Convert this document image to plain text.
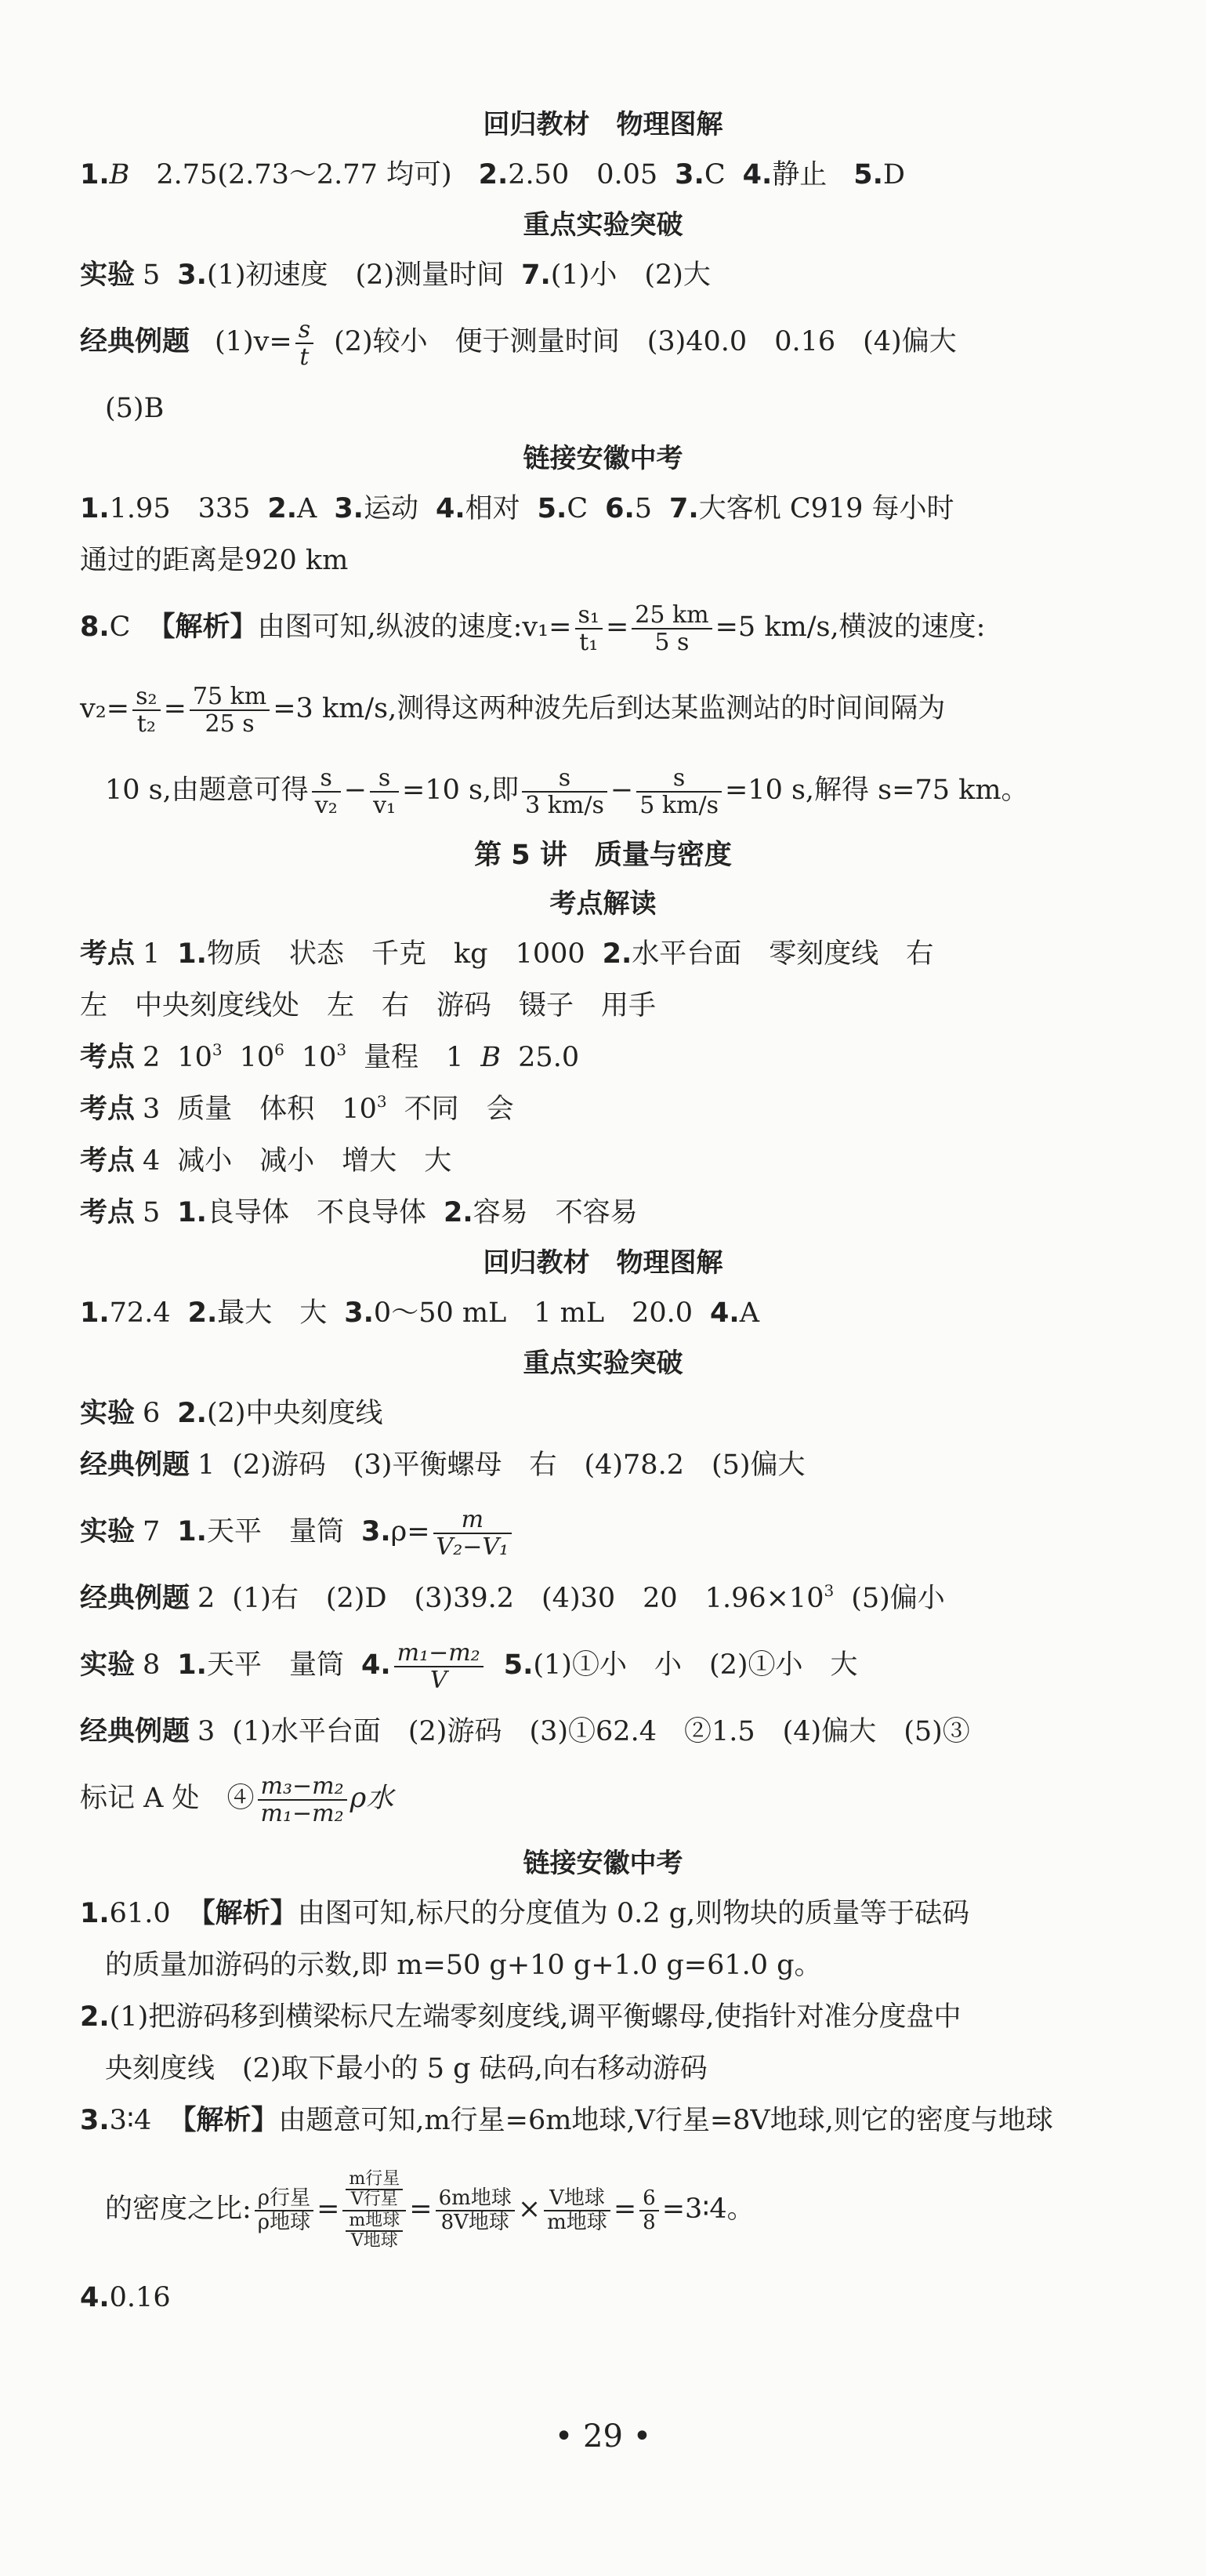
回归教材　物理图解
1.B 2.75(2.73～2.77 均可) 2.2.50　0.05 3.C 4.静止 5.D
重点实验突破
实验 5 3.(1)初速度　(2)测量时间 7.(1)小　(2)大
经典例题 $(1)v= \frac{s}{t} (2)$较小　便于测量时间　(3)40.0　0.16　(4)偏大
(5)B
链接安徽中考
1.1.95　335 2.A 3.运动 4.相对 5.C 6.5 7.大客机 C919 每小时
通过的距离是920 km
8.C 【解析】由图可知,纵波的速度:v₁= $\frac{\text{s₁}}{\text{t₁}} = \frac{25 km}{5 s} =5$ km/s,横波的速度:
$v_2= \frac{\text{s₂}}{\text{t₂}} = \frac{75 km}{25 s} =3$ km/s,测得这两种波先后到达某监测站的时间间隔为
10 s,由题意可得 $\frac{s}{\text{v₂}} - \frac{s}{\text{v₁}} =10$ s,即 $\frac{s}{3 km/s} - \frac{s}{5 km/s} =10$ s,解得 s=75 km。
第 5 讲　质量与密度
考点解读
考点 1 1.物质　状态　千克　kg　1000 2.水平台面　零刻度线　右
左　中央刻度线处　左　右　游码　镊子　用手
考点 2 $10^3$ $10^6$ $10^3$ 量程　1 B 25.0
考点 3 质量　体积　$10^3$ 不同　会
考点 4 减小　减小　增大　大
考点 5 1.良导体　不良导体 2.容易　不容易
回归教材　物理图解
1.72.4 2.最大　大 3.0～50 mL　1 mL　20.0 4.A
重点实验突破
实验 6 2.(2)中央刻度线
经典例题 1 (2)游码　(3)平衡螺母　右　(4)78.2　(5)偏大
实验 7 1.天平　量筒 $3.\rho= \frac{m}{\text{V₂−V₁}}$
经典例题 2 (1)右　(2)D　(3)39.2　(4)30　20　$1.96\times 10^3$ (5)偏小
实验 8 1.天平　量筒 4. $\frac{\text{m₁−m₂}}{V}$ 5.(1)①小　小　(2)①小　大
经典例题 3 (1)水平台面　(2)游码　(3)①62.4　②1.5　(4)偏大　(5)③
标记 A 处　④ $\frac{\text{m₃−m₂}}{\text{m₁−m₂}}$ ρ水
链接安徽中考
1.61.0 【解析】由图可知,标尺的分度值为 0.2 g,则物块的质量等于砝码
的质量加游码的示数,即 m=50 g+10 g+1.0 g=61.0 g。
2.(1)把游码移到横梁标尺左端零刻度线,调平衡螺母,使指针对准分度盘中
央刻度线　(2)取下最小的 5 g 砝码,向右移动游码
3.3∶4 【解析】由题意可知,m行星=6m地球,V行星=8V地球,则它的密度与地球
的密度之比: $\frac{\text{ρ行星}}{\text{ρ地球}} = \frac{\frac{\text{m行星}}{\text{V行星}}}{\frac{\text{m地球}}{\text{V地球}}} = \frac{\text{6m地球}}{\text{8V地球}} \times \frac{\text{V地球}}{\text{m地球}} = \frac{6}{8}$ =3∶4。
4.0.16
• 29 •
